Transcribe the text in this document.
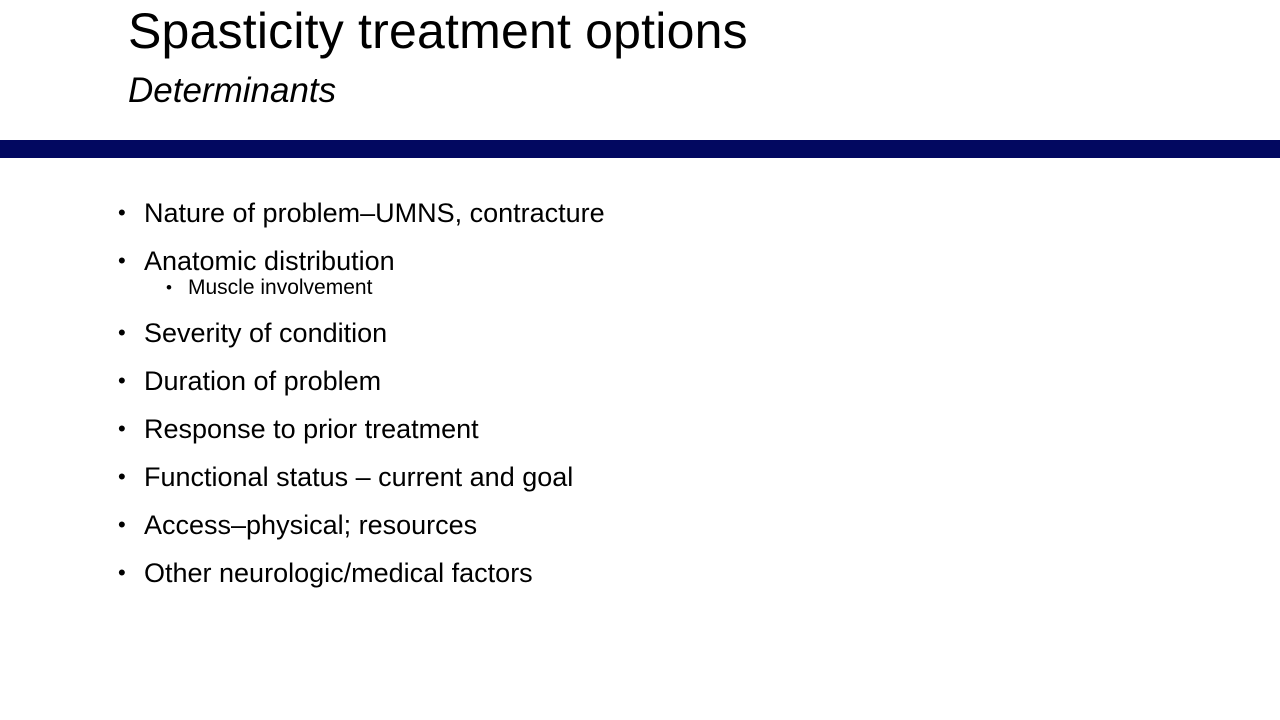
Spasticity treatment options
Determinants
• Nature of problem–UMNS, contracture
• Anatomic distribution
• Muscle involvement
• Severity of condition
• Duration of problem
• Response to prior treatment
• Functional status – current and goal
• Access–physical; resources
• Other neurologic/medical factors
